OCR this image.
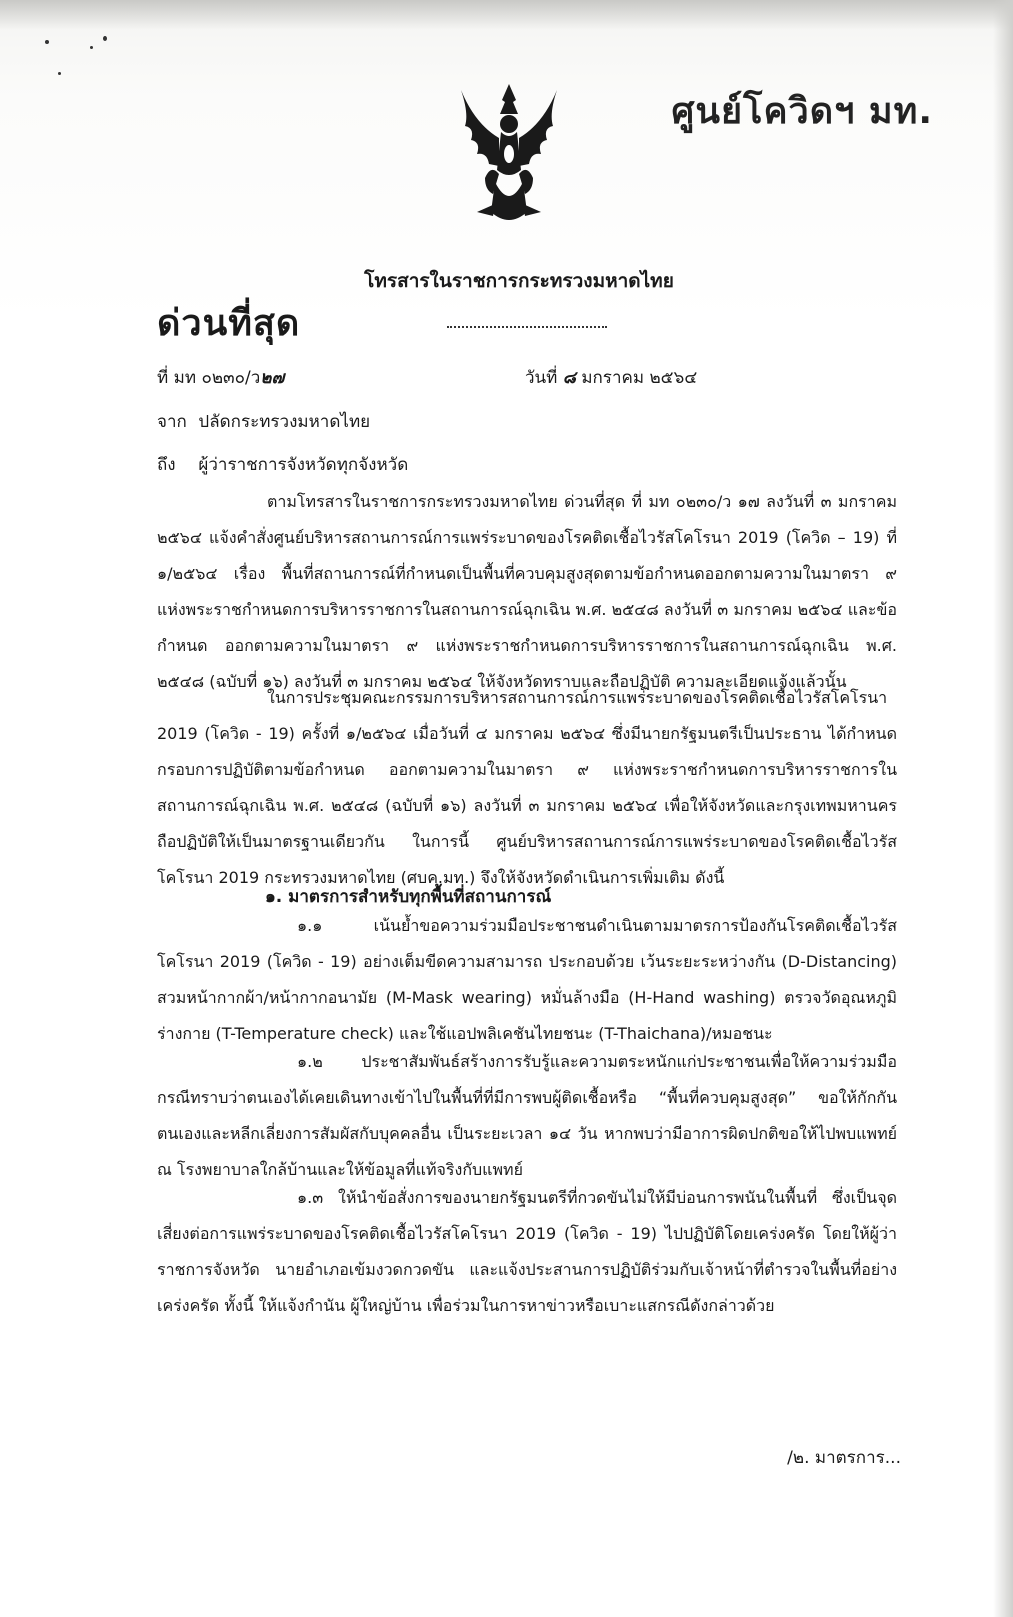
ศูนย์โควิดฯ มท.
โทรสารในราชการกระทรวงมหาดไทย
ด่วนที่สุด
ที่ มท ๐๒๓๐/ว๒๗	วันที่ ๘ มกราคม ๒๕๖๔
จาก ปลัดกระทรวงมหาดไทย
ถึง ผู้ว่าราชการจังหวัดทุกจังหวัด
ตามโทรสารในราชการกระทรวงมหาดไทย ด่วนที่สุด ที่ มท ๐๒๓๐/ว ๑๗ ลงวันที่ ๓ มกราคม ๒๕๖๔ แจ้งคำสั่งศูนย์บริหารสถานการณ์การแพร่ระบาดของโรคติดเชื้อไวรัสโคโรนา 2019 (โควิด – 19) ที่ ๑/๒๕๖๔ เรื่อง พื้นที่สถานการณ์ที่กำหนดเป็นพื้นที่ควบคุมสูงสุดตามข้อกำหนดออกตามความในมาตรา ๙ แห่งพระราชกำหนดการบริหารราชการในสถานการณ์ฉุกเฉิน พ.ศ. ๒๕๔๘ ลงวันที่ ๓ มกราคม ๒๕๖๔ และข้อกำหนด ออกตามความในมาตรา ๙ แห่งพระราชกำหนดการบริหารราชการในสถานการณ์ฉุกเฉิน พ.ศ. ๒๕๔๘ (ฉบับที่ ๑๖) ลงวันที่ ๓ มกราคม ๒๕๖๔ ให้จังหวัดทราบและถือปฏิบัติ ความละเอียดแจ้งแล้วนั้น
ในการประชุมคณะกรรมการบริหารสถานการณ์การแพร่ระบาดของโรคติดเชื้อไวรัสโคโรนา 2019 (โควิด - 19) ครั้งที่ ๑/๒๕๖๔ เมื่อวันที่ ๔ มกราคม ๒๕๖๔ ซึ่งมีนายกรัฐมนตรีเป็นประธาน ได้กำหนดกรอบการปฏิบัติตามข้อกำหนด ออกตามความในมาตรา ๙ แห่งพระราชกำหนดการบริหารราชการในสถานการณ์ฉุกเฉิน พ.ศ. ๒๕๔๘ (ฉบับที่ ๑๖) ลงวันที่ ๓ มกราคม ๒๕๖๔ เพื่อให้จังหวัดและกรุงเทพมหานครถือปฏิบัติให้เป็นมาตรฐานเดียวกัน ในการนี้ ศูนย์บริหารสถานการณ์การแพร่ระบาดของโรคติดเชื้อไวรัสโคโรนา 2019 กระทรวงมหาดไทย (ศบค.มท.) จึงให้จังหวัดดำเนินการเพิ่มเติม ดังนี้
๑. มาตรการสำหรับทุกพื้นที่สถานการณ์
๑.๑ เน้นย้ำขอความร่วมมือประชาชนดำเนินตามมาตรการป้องกันโรคติดเชื้อไวรัสโคโรนา 2019 (โควิด - 19) อย่างเต็มขีดความสามารถ ประกอบด้วย เว้นระยะระหว่างกัน (D-Distancing) สวมหน้ากากผ้า/หน้ากากอนามัย (M-Mask wearing) หมั่นล้างมือ (H-Hand washing) ตรวจวัดอุณหภูมิร่างกาย (T-Temperature check) และใช้แอปพลิเคชันไทยชนะ (T-Thaichana)/หมอชนะ
๑.๒ ประชาสัมพันธ์สร้างการรับรู้และความตระหนักแก่ประชาชนเพื่อให้ความร่วมมือ กรณีทราบว่าตนเองได้เคยเดินทางเข้าไปในพื้นที่ที่มีการพบผู้ติดเชื้อหรือ “พื้นที่ควบคุมสูงสุด” ขอให้กักกันตนเองและหลีกเลี่ยงการสัมผัสกับบุคคลอื่น เป็นระยะเวลา ๑๔ วัน หากพบว่ามีอาการผิดปกติขอให้ไปพบแพทย์ ณ โรงพยาบาลใกล้บ้านและให้ข้อมูลที่แท้จริงกับแพทย์
๑.๓ ให้นำข้อสั่งการของนายกรัฐมนตรีที่กวดขันไม่ให้มีบ่อนการพนันในพื้นที่ ซึ่งเป็นจุดเสี่ยงต่อการแพร่ระบาดของโรคติดเชื้อไวรัสโคโรนา 2019 (โควิด - 19) ไปปฏิบัติโดยเคร่งครัด โดยให้ผู้ว่าราชการจังหวัด นายอำเภอเข้มงวดกวดขัน และแจ้งประสานการปฏิบัติร่วมกับเจ้าหน้าที่ตำรวจในพื้นที่อย่างเคร่งครัด ทั้งนี้ ให้แจ้งกำนัน ผู้ใหญ่บ้าน เพื่อร่วมในการหาข่าวหรือเบาะแสกรณีดังกล่าวด้วย
/๒. มาตรการ...
